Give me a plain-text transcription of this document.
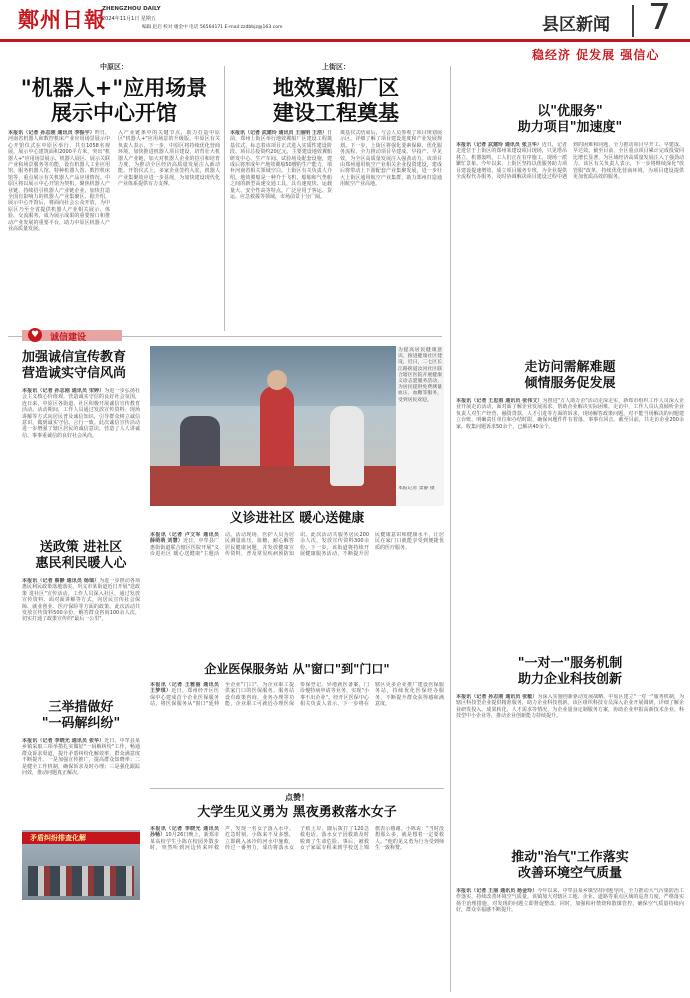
鄭州日報
ZHENGZHOU DAILY
2024年11月1日 星期五
编辑 赵启 校对 谢金中 电话 56564171 E-mail:zzdbbjz@163.com	县区新闻 7
稳经济 促发展 强信心
中原区：
"机器人+"应用场景
展示中心开馆
本报讯（记者 孙志刚 通讯员 李振宇）昨日，河南省机器人和数控机床产业应用场景展示中心开馆仪式在中原区举行，共有1058名观展。展示中心建筑面积2000平方米，突出"机器人+"应用场景展示、机器人展区、展示关联产业和场景服务等功能，设有机器人工业应用馆、服务机器人馆、特种机器人馆、数控机床馆等，重点展示有关机器人产品应用情况。中原区将以展示中心开馆为契机，聚焦机器人产业链，持续招引机器人产业链企业，加快打造全国有影响力的机器人产业集聚区。据介绍，展示中心开馆后，将面向社会公众开放，为中原区乃至全省提供机器人产业相关展示、体验、交流服务，成为展示成果的重要窗口和推动产业发展的重要平台，助力中原区机器人产业高质量发展。
入产业链条中的关键节点，助力打造中原区"机器人+"应用场景的升级版。中原区有关负责人表示，下一步，中原区将持续优化营商环境，加快推进机器人项目建设，培育壮大机器人产业链，加大对机器人企业的招引和培育力度，为推动全区经济高质量发展注入新动能。开馆仪式上，多家企业签约入驻，机器人产业集聚效应进一步显现，为加快建设现代化产业体系提供有力支撑。
上街区：
地效翼船厂区
建设工程奠基
本报讯（记者 武建玲 通讯员 王丽明 王浩）日前，郑州上街区举行地效翼船厂区建设工程奠基仪式，标志着该项目正式进入实质性建设阶段。项目总投资约20亿元，主要建设地效翼船研发中心、生产车间、试验场及配套设施，建成后将形成年产地效翼船50艘的生产能力，填补河南省相关领域空白。上街区有关负责人介绍，地效翼船是一种介于飞机、船舶和气垫船之间的新型高速交通工具，具有速度快、运载量大、安全性高等特点，广泛应用于客运、货运、应急救援等领域，市场前景十分广阔。
奠基仪式结束后，与会人员参观了项目规划展示区，详细了解了项目建设进度和产业发展规划。下一步，上街区将强化要素保障，优化服务流程，全力推动项目早建成、早投产、早见效，为全区高质量发展注入强劲动力。该项目由郑州通用航空产业相关企业投资建设，建成后将带动上下游配套产业集聚发展，进一步壮大上街区通用航空产业集群，助力郑州打造通用航空产业高地。
♥	诚信建设
加强诚信宣传教育
营造诚实守信风尚
本报讯（记者 孙志刚 通讯员 宋婷）为进一步弘扬社会主义核心价值观，营造诚实守信的良好社会氛围，连日来，中原区各街道、社区积极开展诚信宣传教育活动。活动期间，工作人员通过发放宣传资料、现场讲解等方式向居民普及诚信知识，引导群众树立诚信意识，做到诚实守信、言行一致。此次诚信宣传活动进一步增强了辖区居民的诚信意识，营造了人人讲诚信、事事重诚信的良好社会风尚。
为提高居民健康意识，推进健康社区建设，近日，二七区长江路街道汝河社区联合辖区医院开展健康义诊志愿服务活动，为居民提供免费测量血压、血糖等服务，受到居民欢迎。
本报记者 景静 摄
义诊进社区 暖心送健康
本报讯（记者 卢文军 通讯员 薛萌萌 刘慧）近日，中牟县广惠街街道联合辖区医院开展"义诊进社区 暖心送健康"主题活动。活动现场，医护人员为居民测量血压、血糖，耐心解答居民健康问题，并发放健康宣传资料，普及常见疾病预防知识。此次活动共服务居民200余人次，发放宣传资料300余份。下一步，该街道将持续开展健康服务活动，不断提升居民健康意识和健康水平，让居民在家门口就能享受到便捷优质的医疗服务。
送政策 进社区
惠民利民暖人心
本报讯（记者 蔡静 通讯员 杨瑞）为进一步推动各项惠民利民政策落地落实，巩义市某街道近日开展"送政策 进社区"宣传活动。工作人员深入社区，通过发放宣传资料、面对面讲解等方式，向居民宣传社会保障、就业创业、医疗保险等方面的政策。此次活动共发放宣传资料500余份，解答群众咨询100余人次，切实打通了政策宣传的"最后一公里"。
三举措做好
"一码解纠纷"
本报讯（记者 李晓光 通讯员 张华）近日，中牟县某乡镇采取三项举措扎实做好"一码解纠纷"工作，畅通群众诉求渠道，提升矛盾纠纷化解效率，群众满意度不断提升。一是加强宣传推广，提高群众知晓率；二是健全工作机制，确保诉求及时办理；三是强化跟踪问效，推动问题真正解决。
矛盾纠纷排查化解
企业医保服务站 从"窗口"到"门口"
本报讯（记者 王雅丽 通讯员 王梦琪）近日，郑州经开区医保中心建成首个企业医保服务站，将医保服务从"窗口"延伸至企业"门口"，为企业职工提供家门口的医保服务。服务站设有政策咨询、业务办理等功能，企业职工可就近办理医保参保登记、异地就医备案、门诊慢特病申请等业务，实现"小事不出企业"。经开区医保中心相关负责人表示，下一步将在辖区更多企业推广建设医保服务站，持续优化医保经办服务，不断提升群众获得感和满意度。
点赞！
大学生见义勇为 黑夜勇救落水女子
本报讯（记者 李晓光 通讯员 孙畅）10月26日晚上，新郑市某高校学生小陈在校园外散步时，突然听到河边传来呼救声，发现一名女子落入水中。危急时刻，小陈来不及多想，立即跳入冰冷的河水中施救，经过一番努力，成功将落水女子救上岸，随后拨打了120急救电话。落水女子因救助及时脱离了生命危险。事后，被救女子家属专程来到学校送上锦旗表示感谢。小陈说："当时没想那么多，就是想着一定要救人。"他的见义勇为行为受到师生一致称赞。
以"优服务"
助力项目"加速度"
本报讯（记者 武建玲 通讯员 张卫华）近日，记者走进位于上街区的郑州某建设项目现场，只见塔吊林立，机器轰鸣，工人们正在有序施工，现场一派繁忙景象。今年以来，上街区坚持以优服务助力项目建设提速增效，成立项目服务专班，为企业提供全流程代办服务，及时协调解决项目建设过程中遇到的困难和问题，全力推动项目早开工、早建成、早达效。截至目前，全区重点项目累计完成投资同比增长显著，为区域经济高质量发展注入了强劲动力。该区有关负责人表示，下一步将继续深化"放管服"改革，持续优化营商环境，为项目建设提供更加优质高效的服务。
走访问需解难题
倾情服务促发展
本报讯（记者 王思雨 通讯员 张伟文）为推进"万人助万企"活动走深走实，新郑市组织工作人员深入企业开展走访活动，面对面了解企业发展需求，帮助企业解决实际困难。走访中，工作人员认真倾听企业负责人对生产经营、融资贷款、人才引进等方面的诉求，现场解答政策问题，对不能当场解决的问题建立台账，明确责任单位和办结时限，确保问题件件有着落、事事有回音。截至目前，共走访企业200余家，收集问题诉求50余个，已解决40余个。
"一对一"服务机制
助力企业科技创新
本报讯（记者 孙志刚 通讯员 张敏）为深入实施创新驱动发展战略，中原区建立"一对一"服务机制，为辖区科技型企业提供精准服务，助力企业科技创新。该区组织科技专员深入企业开展调研，详细了解企业研发投入、成果转化、人才需求等情况，为企业量身定制服务方案，协助企业申报高新技术企业、科技型中小企业等，推动企业创新能力持续提升。
推动"治气"工作落实
改善环境空气质量
本报讯（记者 王丽 通讯员 杨金玲）今年以来，中牟县某乡镇坚持问题导向，全力推动大气污染防治工作落实，持续改善环境空气质量。该镇加大对辖区工地、企业、道路等重点区域的巡查力度，严格落实扬尘治理措施，对发现的问题立即督促整改。同时，加强秸秆禁烧和散煤管控，确保空气质量持续向好，群众幸福感不断提升。
